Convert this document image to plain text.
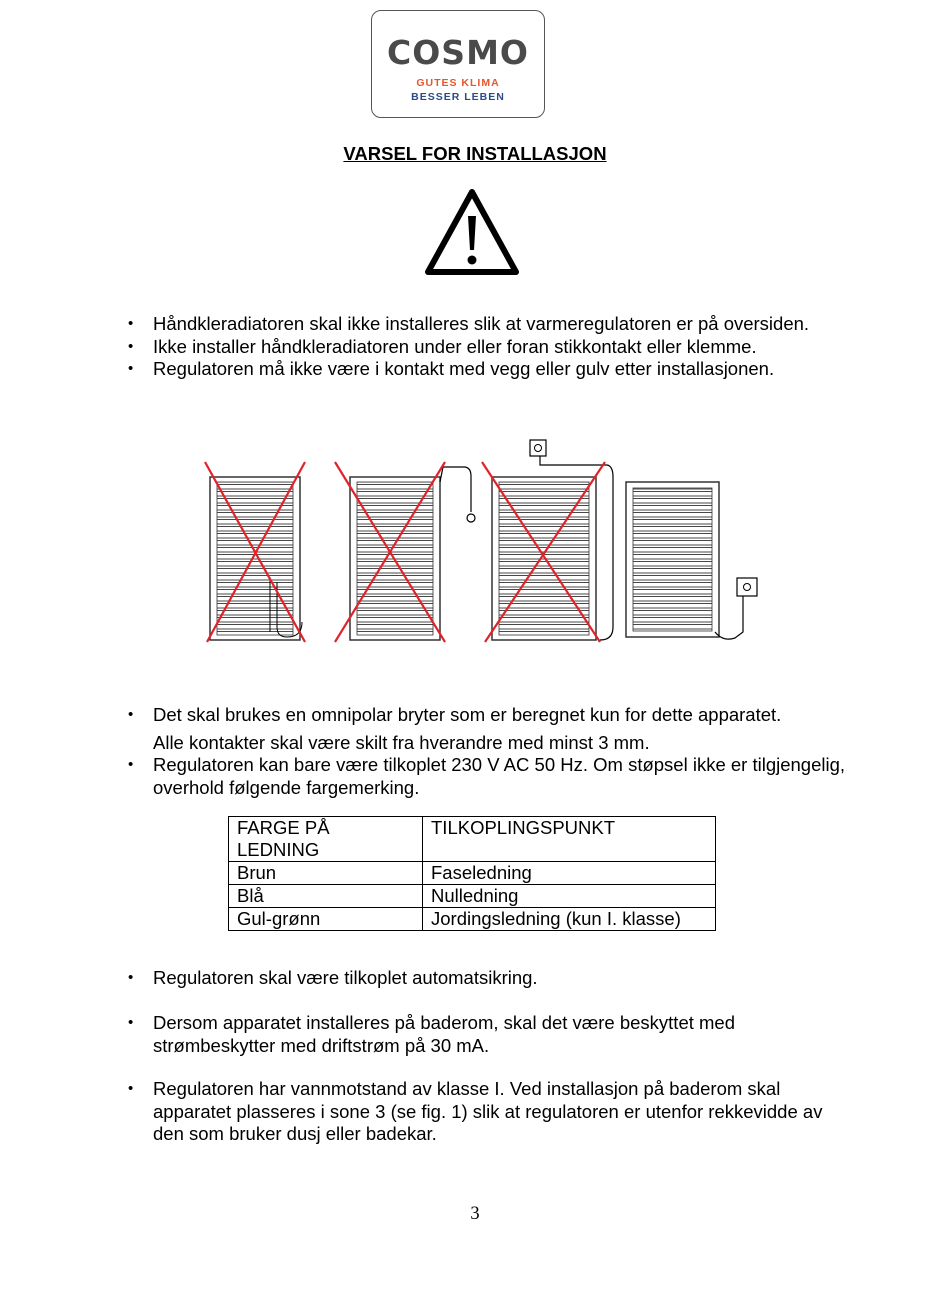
COSMO
GUTES KLIMA
BESSER LEBEN
VARSEL FOR INSTALLASJON
• Håndkleradiatoren skal ikke installeres slik at varmeregulatoren er på oversiden.
• Ikke installer håndkleradiatoren under eller foran stikkontakt eller klemme.
• Regulatoren må ikke være i kontakt med vegg eller gulv etter installasjonen.
• Det skal brukes en omnipolar bryter som er beregnet kun for dette apparatet.
Alle kontakter skal være skilt fra hverandre med minst 3 mm.
• Regulatoren kan bare være tilkoplet 230 V AC 50 Hz. Om støpsel ikke er tilgjengelig, overhold følgende fargemerking.
FARGE PÅ LEDNING	TILKOPLINGSPUNKT
Brun	Faseledning
Blå	Nulledning
Gul-grønn	Jordingsledning (kun I. klasse)
• Regulatoren skal være tilkoplet automatsikring.
• Dersom apparatet installeres på baderom, skal det være beskyttet med strømbeskytter med driftstrøm på 30 mA.
• Regulatoren har vannmotstand av klasse I. Ved installasjon på baderom skal apparatet plasseres i sone 3 (se fig. 1) slik at regulatoren er utenfor rekkevidde av den som bruker dusj eller badekar.
3
